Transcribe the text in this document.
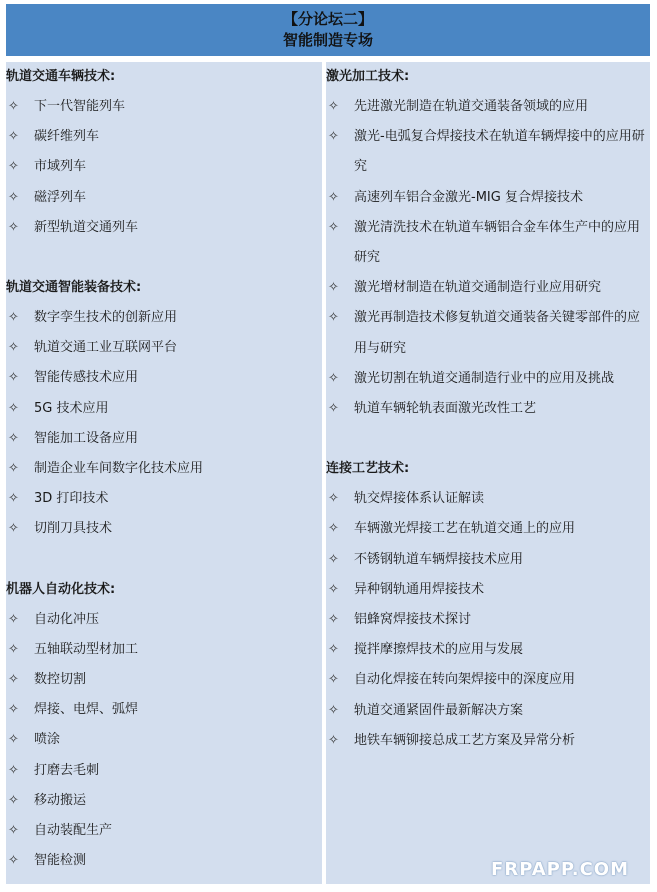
【分论坛二】
智能制造专场
轨道交通车辆技术:
✧	下一代智能列车
✧	碳纤维列车
✧	市域列车
✧	磁浮列车
✧	新型轨道交通列车
轨道交通智能装备技术:
✧	数字孪生技术的创新应用
✧	轨道交通工业互联网平台
✧	智能传感技术应用
✧	5G 技术应用
✧	智能加工设备应用
✧	制造企业车间数字化技术应用
✧	3D 打印技术
✧	切削刀具技术
机器人自动化技术:
✧	自动化冲压
✧	五轴联动型材加工
✧	数控切割
✧	焊接、电焊、弧焊
✧	喷涂
✧	打磨去毛刺
✧	移动搬运
✧	自动装配生产
✧	智能检测
激光加工技术:
✧	先进激光制造在轨道交通装备领域的应用
✧	激光-电弧复合焊接技术在轨道车辆焊接中的应用研究
✧	高速列车铝合金激光-MIG 复合焊接技术
✧	激光清洗技术在轨道车辆铝合金车体生产中的应用研究
✧	激光增材制造在轨道交通制造行业应用研究
✧	激光再制造技术修复轨道交通装备关键零部件的应用与研究
✧	激光切割在轨道交通制造行业中的应用及挑战
✧	轨道车辆轮轨表面激光改性工艺
连接工艺技术:
✧	轨交焊接体系认证解读
✧	车辆激光焊接工艺在轨道交通上的应用
✧	不锈钢轨道车辆焊接技术应用
✧	异种钢轨通用焊接技术
✧	铝蜂窝焊接技术探讨
✧	搅拌摩擦焊技术的应用与发展
✧	自动化焊接在转向架焊接中的深度应用
✧	轨道交通紧固件最新解决方案
✧	地铁车辆铆接总成工艺方案及异常分析
FRPAPP.COM
